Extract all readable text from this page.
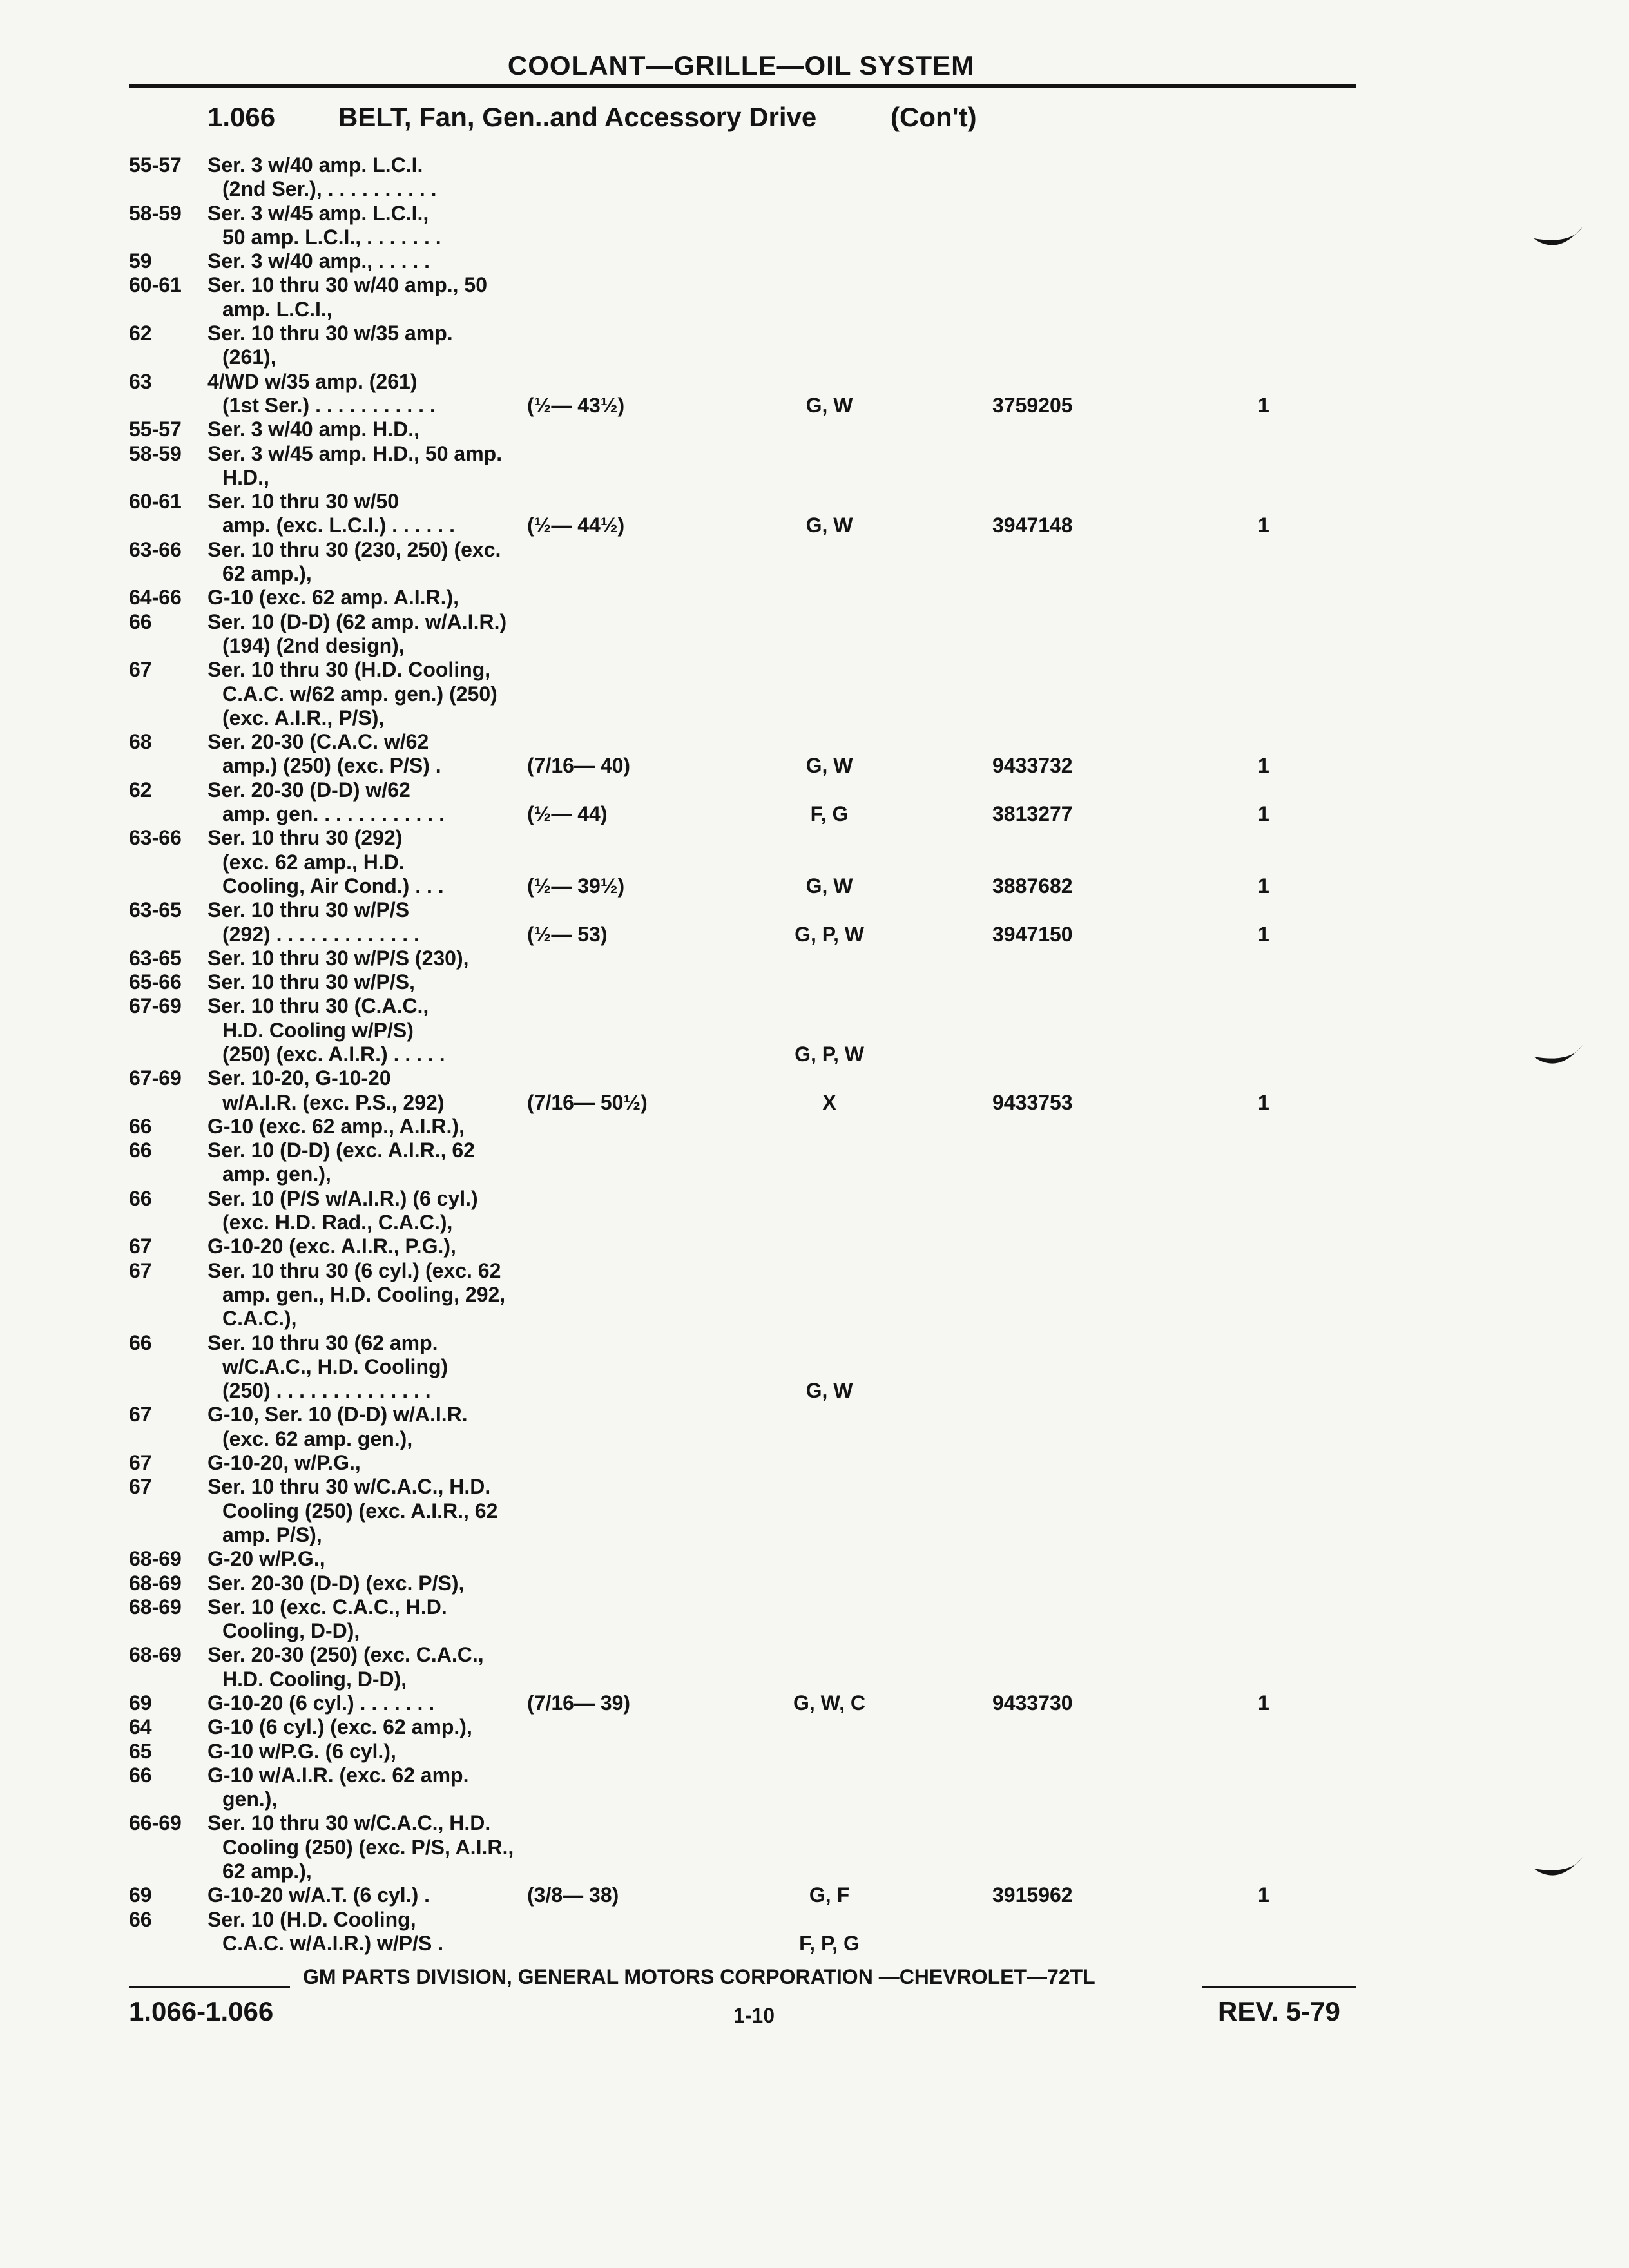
COOLANT—GRILLE—OIL SYSTEM
1.066 BELT, Fan, Gen..and Accessory Drive	(Con't)
55-57 Ser. 3 w/40 amp. L.C.I.
(2nd Ser.), . . . . . . . . . .
58-59 Ser. 3 w/45 amp. L.C.I.,
50 amp. L.C.I., . . . . . . .
59	Ser. 3 w/40 amp., . . . . .
60-61 Ser. 10 thru 30 w/40 amp., 50
amp. L.C.I.,
62	Ser. 10 thru 30 w/35 amp.
(261),
63	4/WD w/35 amp. (261)
(1st Ser.) . . . . . . . . . . .	(½— 43½)	G, W	3759205	1
55-57 Ser. 3 w/40 amp. H.D.,
58-59 Ser. 3 w/45 amp. H.D., 50 amp.
H.D.,
60-61 Ser. 10 thru 30 w/50
amp. (exc. L.C.I.) . . . . . .	(½— 44½)	G, W	3947148	1
63-66 Ser. 10 thru 30 (230, 250) (exc.
62 amp.),
64-66 G-10 (exc. 62 amp. A.I.R.),
66	Ser. 10 (D-D) (62 amp. w/A.I.R.)
(194) (2nd design),
67	Ser. 10 thru 30 (H.D. Cooling,
C.A.C. w/62 amp. gen.) (250)
(exc. A.I.R., P/S),
68	Ser. 20-30 (C.A.C. w/62
amp.) (250) (exc. P/S) .	(7/16— 40)	G, W	9433732	1
62	Ser. 20-30 (D-D) w/62
amp. gen. . . . . . . . . . . .	(½— 44)	F, G	3813277	1
63-66 Ser. 10 thru 30 (292)
(exc. 62 amp., H.D.
Cooling, Air Cond.) . . .	(½— 39½)	G, W	3887682	1
63-65 Ser. 10 thru 30 w/P/S
(292) . . . . . . . . . . . . .	(½— 53)	G, P, W	3947150	1
63-65 Ser. 10 thru 30 w/P/S (230),
65-66 Ser. 10 thru 30 w/P/S,
67-69 Ser. 10 thru 30 (C.A.C.,
H.D. Cooling w/P/S)
(250) (exc. A.I.R.) . . . . .	G, P, W
67-69 Ser. 10-20, G-10-20
w/A.I.R. (exc. P.S., 292)	(7/16— 50½)	X	9433753	1
66	G-10 (exc. 62 amp., A.I.R.),
66	Ser. 10 (D-D) (exc. A.I.R., 62
amp. gen.),
66	Ser. 10 (P/S w/A.I.R.) (6 cyl.)
(exc. H.D. Rad., C.A.C.),
67	G-10-20 (exc. A.I.R., P.G.),
67	Ser. 10 thru 30 (6 cyl.) (exc. 62
amp. gen., H.D. Cooling, 292,
C.A.C.),
66	Ser. 10 thru 30 (62 amp.
w/C.A.C., H.D. Cooling)
(250) . . . . . . . . . . . . . .	G, W
67	G-10, Ser. 10 (D-D) w/A.I.R.
(exc. 62 amp. gen.),
67	G-10-20, w/P.G.,
67	Ser. 10 thru 30 w/C.A.C., H.D.
Cooling (250) (exc. A.I.R., 62
amp. P/S),
68-69 G-20 w/P.G.,
68-69 Ser. 20-30 (D-D) (exc. P/S),
68-69 Ser. 10 (exc. C.A.C., H.D.
Cooling, D-D),
68-69 Ser. 20-30 (250) (exc. C.A.C.,
H.D. Cooling, D-D),
69	G-10-20 (6 cyl.) . . . . . . .	(7/16— 39)	G, W, C	9433730	1
64	G-10 (6 cyl.) (exc. 62 amp.),
65	G-10 w/P.G. (6 cyl.),
66	G-10 w/A.I.R. (exc. 62 amp.
gen.),
66-69 Ser. 10 thru 30 w/C.A.C., H.D.
Cooling (250) (exc. P/S, A.I.R.,
62 amp.),
69	G-10-20 w/A.T. (6 cyl.) .	(3/8— 38)	G, F	3915962	1
66	Ser. 10 (H.D. Cooling,
C.A.C. w/A.I.R.) w/P/S .	F, P, G
GM PARTS DIVISION, GENERAL MOTORS CORPORATION —CHEVROLET—72TL
1.066-1.066	1-10	REV. 5-79
